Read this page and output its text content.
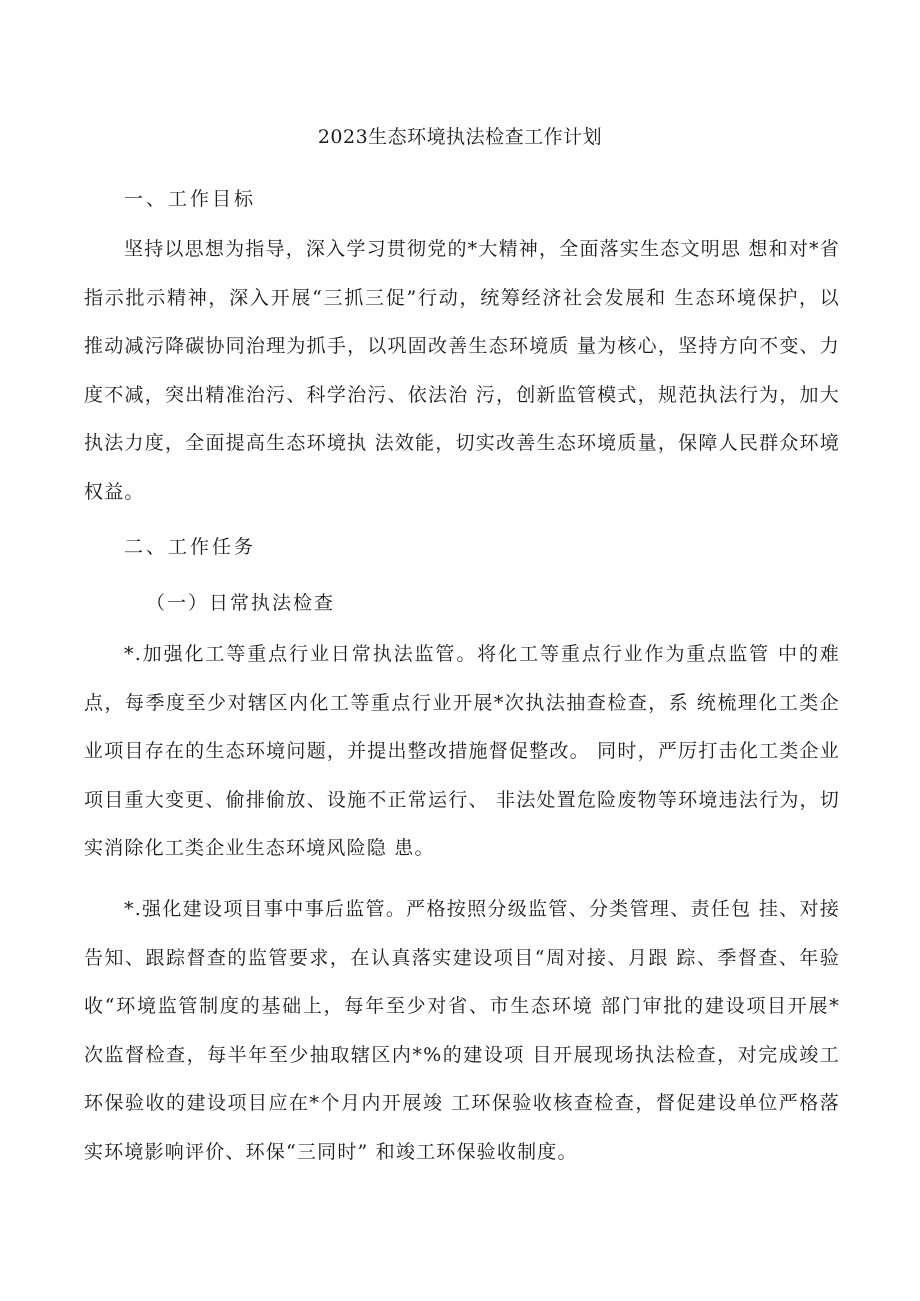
2023生态环境执法检查工作计划
一、工作目标

坚持以思想为指导，深入学习贯彻党的*大精神，全面落实生态文明思 想和对*省指示批示精神，深入开展“三抓三促”行动，统筹经济社会发展和 生态环境保护，以推动减污降碳协同治理为抓手，以巩固改善生态环境质 量为核心，坚持方向不变、力度不减，突出精准治污、科学治污、依法治 污，创新监管模式，规范执法行为，加大执法力度，全面提高生态环境执 法效能，切实改善生态环境质量，保障人民群众环境权益。

二、工作任务
（一）日常执法检查

*.加强化工等重点行业日常执法监管。将化工等重点行业作为重点监管 中的难点，每季度至少对辖区内化工等重点行业开展*次执法抽查检查，系 统梳理化工类企业项目存在的生态环境问题，并提出整改措施督促整改。 同时，严厉打击化工类企业项目重大变更、偷排偷放、设施不正常运行、 非法处置危险废物等环境违法行为，切实消除化工类企业生态环境风险隐 患。

*.强化建设项目事中事后监管。严格按照分级监管、分类管理、责任包 挂、对接告知、跟踪督查的监管要求，在认真落实建设项目“周对接、月跟 踪、季督查、年验收“环境监管制度的基础上，每年至少对省、市生态环境 部门审批的建设项目开展*次监督检查，每半年至少抽取辖区内*%的建设项 目开展现场执法检查，对完成竣工环保验收的建设项目应在*个月内开展竣 工环保验收核查检查，督促建设单位严格落实环境影响评价、环保“三同时” 和竣工环保验收制度。
